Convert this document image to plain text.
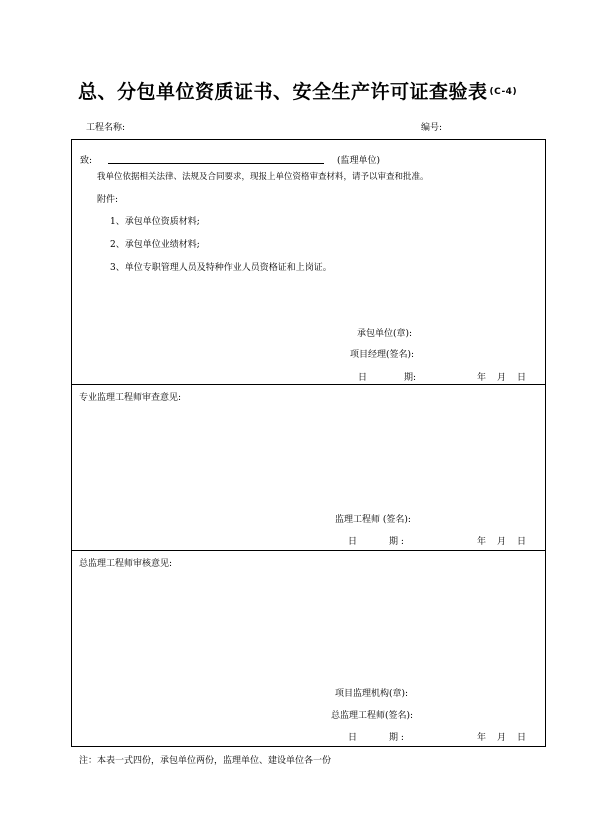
总、分包单位资质证书、安全生产许可证查验表 $^{(C-4)}$
工程名称:	编号:
致:	(监理单位)
我单位依据相关法律、法规及合同要求，现报上单位资格审查材料，请予以审查和批准。
附件:
1、承包单位资质材料;
2、承包单位业绩材料;
3、单位专职管理人员及特种作业人员资格证和上岗证。
承包单位(章):
项目经理(签名):
日	期:	年 月 日
专业监理工程师审查意见:
监理工程师 (签名):
日	期 :	年 月 日
总监理工程师审核意见:
项目监理机构(章):
总监理工程师(签名):
日	期 :	年 月 日
注：本表一式四份，承包单位两份，监理单位、建设单位各一份
